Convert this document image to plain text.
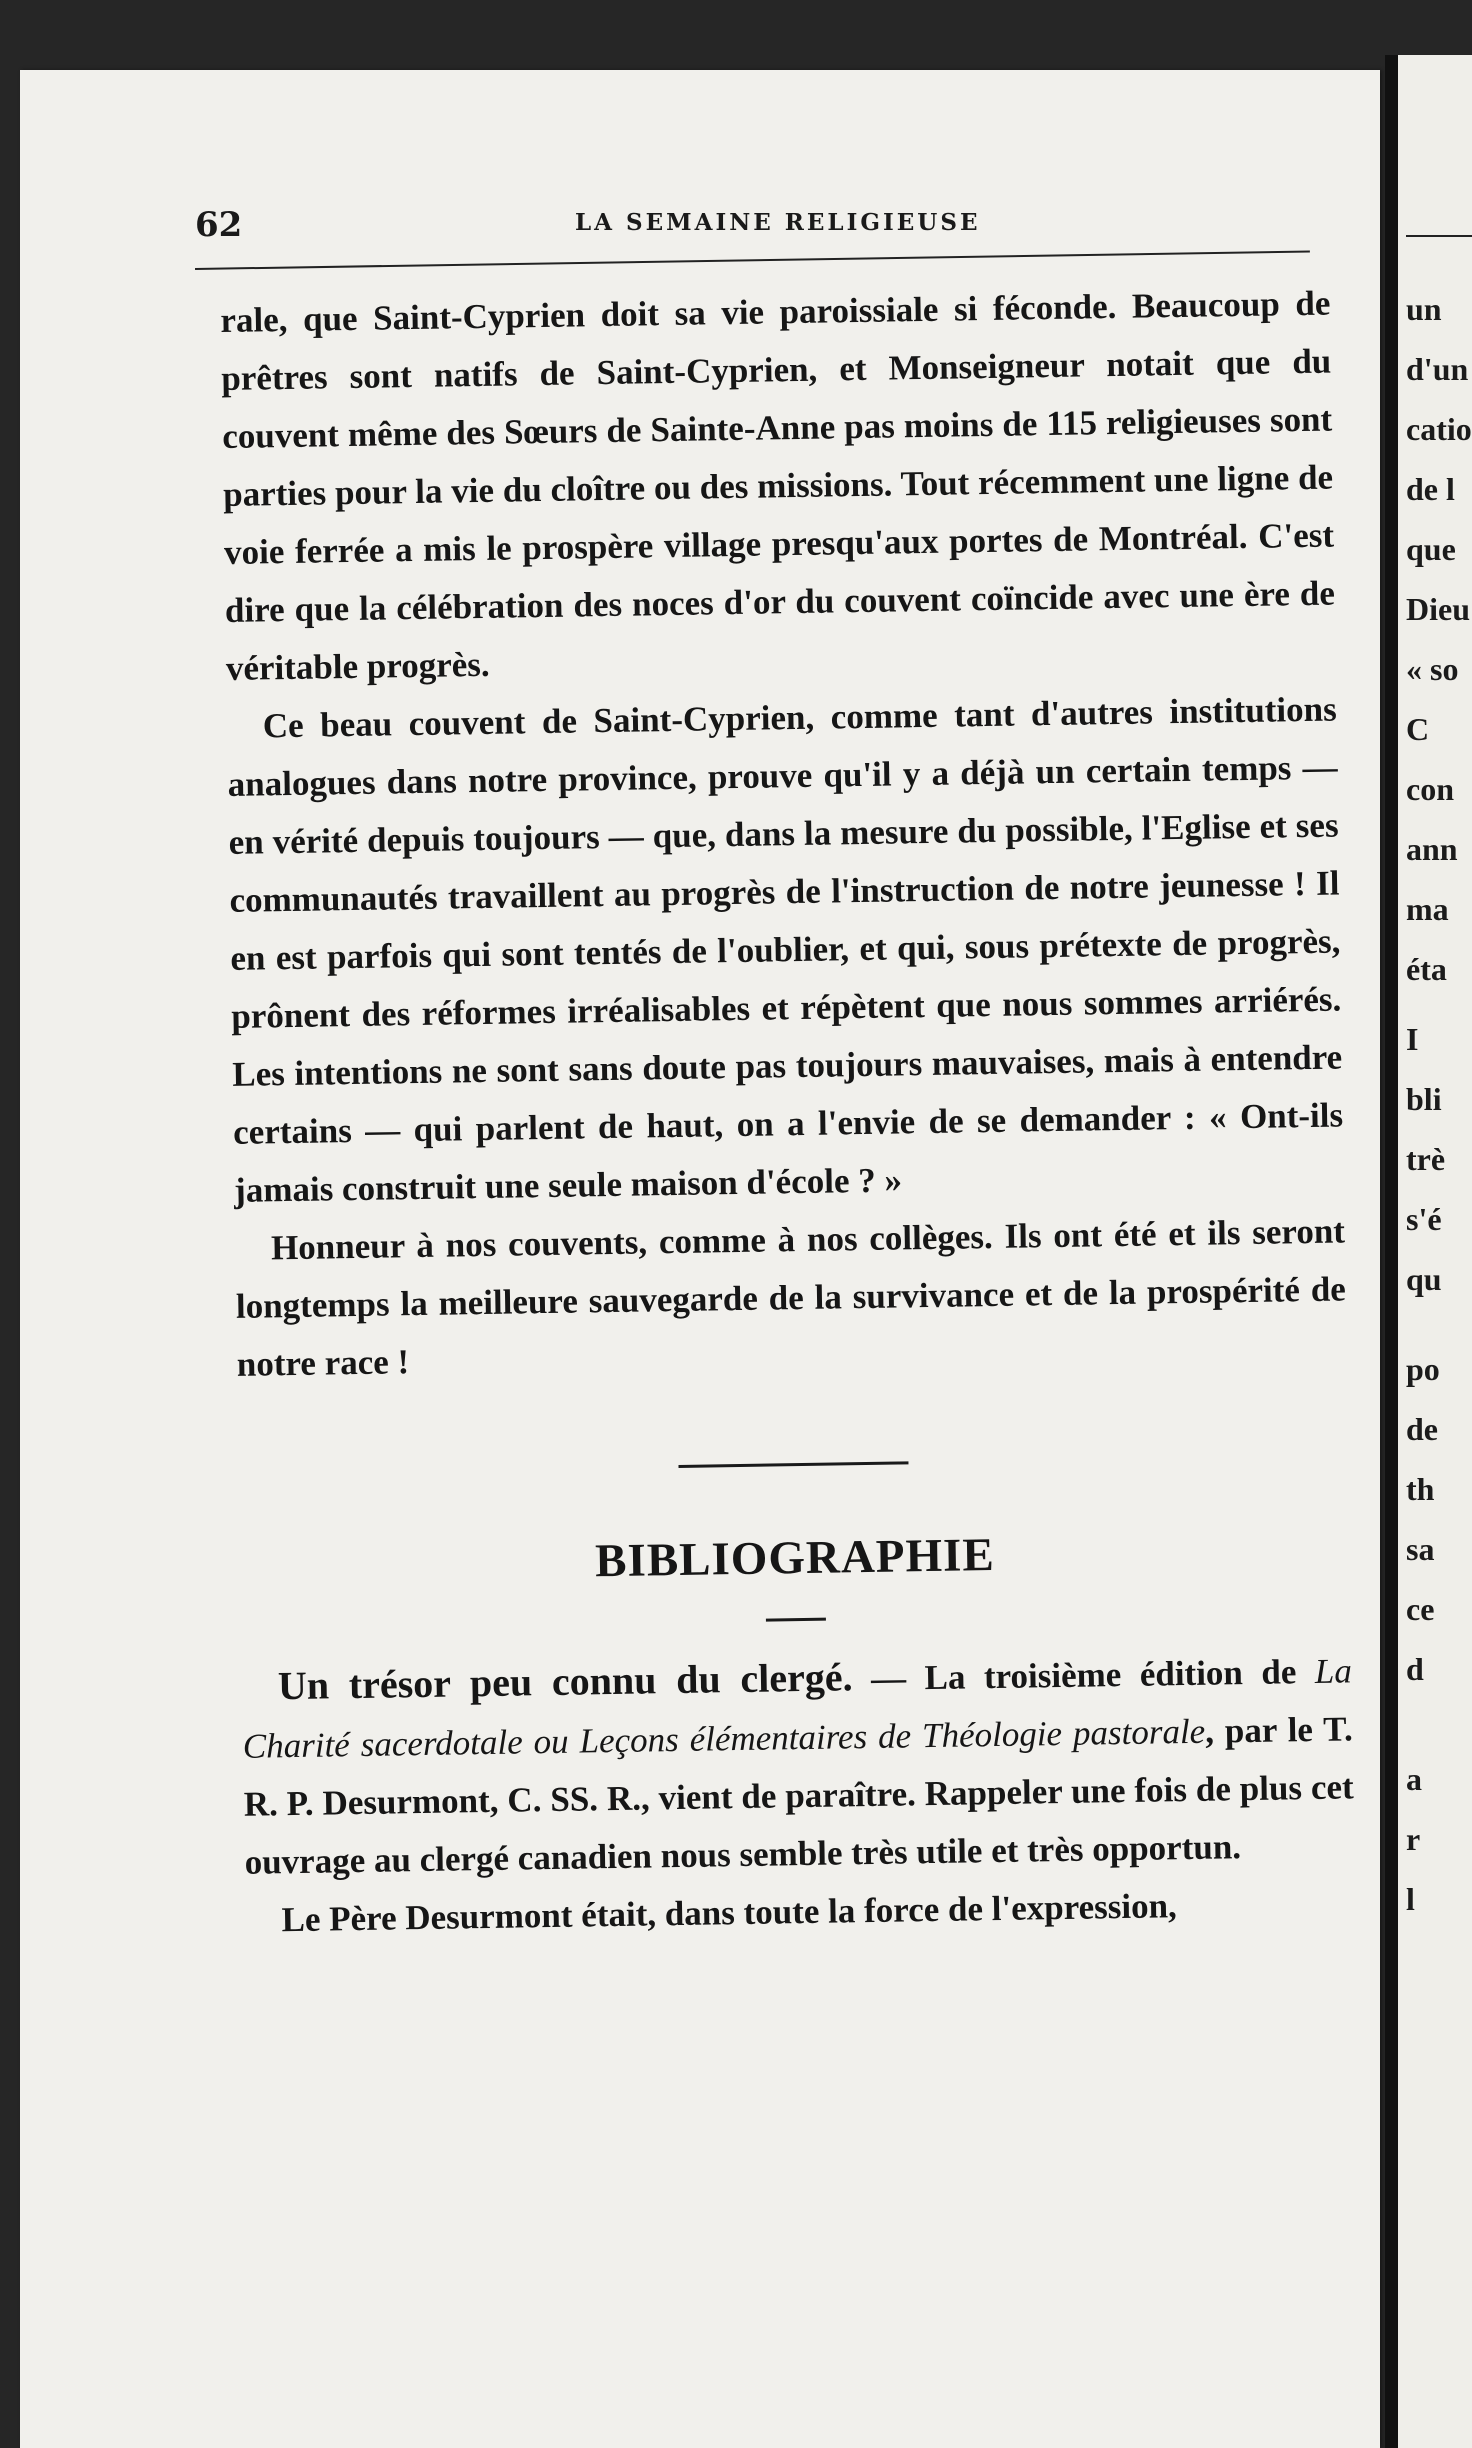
62	LA SEMAINE RELIGIEUSE

rale, que Saint-Cyprien doit sa vie paroissiale si féconde. Beaucoup de prêtres sont natifs de Saint-Cyprien, et Monseigneur notait que du couvent même des Sœurs de Sainte-Anne pas moins de 115 religieuses sont parties pour la vie du cloître ou des missions. Tout récemment une ligne de voie ferrée a mis le prospère village presqu'aux portes de Montréal. C'est dire que la célébration des noces d'or du couvent coïncide avec une ère de véritable progrès.

Ce beau couvent de Saint-Cyprien, comme tant d'autres institutions analogues dans notre province, prouve qu'il y a déjà un certain temps — en vérité depuis toujours — que, dans la mesure du possible, l'Eglise et ses communautés travaillent au progrès de l'instruction de notre jeunesse ! Il en est parfois qui sont tentés de l'oublier, et qui, sous prétexte de progrès, prônent des réformes irréalisables et répètent que nous sommes arriérés. Les intentions ne sont sans doute pas toujours mauvaises, mais à entendre certains — qui parlent de haut, on a l'envie de se demander : « Ont-ils jamais construit une seule maison d'école ? »

Honneur à nos couvents, comme à nos collèges. Ils ont été et ils seront longtemps la meilleure sauvegarde de la survivance et de la prospérité de notre race !

BIBLIOGRAPHIE

Un trésor peu connu du clergé. — La troisième édition de La Charité sacerdotale ou Leçons élémentaires de Théologie pastorale, par le T. R. P. Desurmont, C. SS. R., vient de paraître. Rappeler une fois de plus cet ouvrage au clergé canadien nous semble très utile et très opportun.

Le Père Desurmont était, dans toute la force de l'expression,

un
d'un
catio
de l
que
Dieu
« so
C
con
ann
ma
éta
I
bli
trè
s'é
qu
po
de
th
sa
ce
d
a
r
l
